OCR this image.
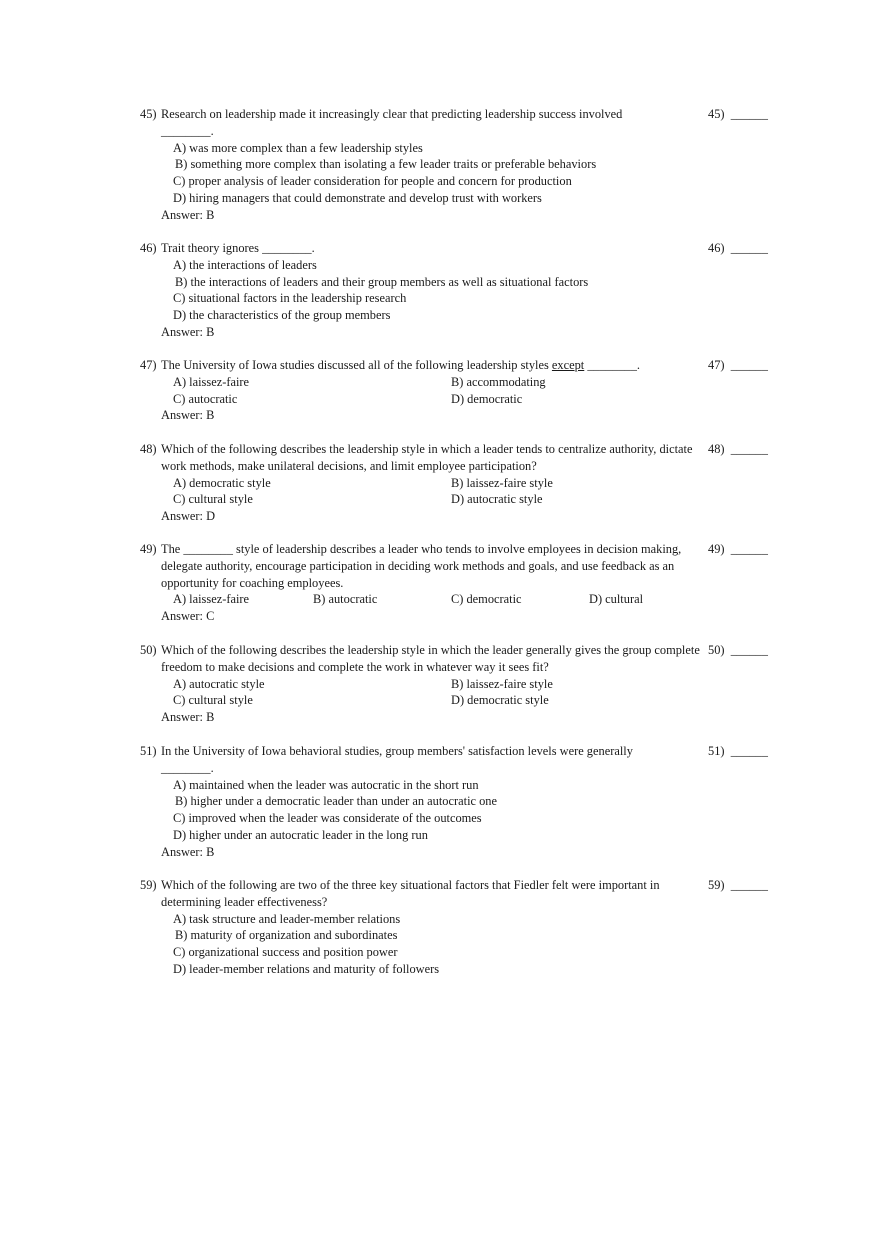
45) Research on leadership made it increasingly clear that predicting leadership success involved
________.
A) was more complex than a few leadership styles
B) something more complex than isolating a few leader traits or preferable behaviors
C) proper analysis of leader consideration for people and concern for production
D) hiring managers that could demonstrate and develop trust with workers
Answer: B
45)  ______
46) Trait theory ignores ________.
A) the interactions of leaders
B) the interactions of leaders and their group members as well as situational factors
C) situational factors in the leadership research
D) the characteristics of the group members
Answer: B
46)  ______
47) The University of Iowa studies discussed all of the following leadership styles except ________.
A) laissez-faire	B) accommodating
C) autocratic	D) democratic
Answer: B
47)  ______
48) Which of the following describes the leadership style in which a leader tends to centralize authority, dictate work methods, make unilateral decisions, and limit employee participation?
A) democratic style	B) laissez-faire style
C) cultural style	D) autocratic style
Answer: D
48)  ______
49) The ________ style of leadership describes a leader who tends to involve employees in decision making, delegate authority, encourage participation in deciding work methods and goals, and use feedback as an opportunity for coaching employees.
A) laissez-faire	B) autocratic	C) democratic	D) cultural
Answer: C
49)  ______
50) Which of the following describes the leadership style in which the leader generally gives the group complete freedom to make decisions and complete the work in whatever way it sees fit?
A) autocratic style	B) laissez-faire style
C) cultural style	D) democratic style
Answer: B
50)  ______
51) In the University of Iowa behavioral studies, group members' satisfaction levels were generally
________.
A) maintained when the leader was autocratic in the short run
B) higher under a democratic leader than under an autocratic one
C) improved when the leader was considerate of the outcomes
D) higher under an autocratic leader in the long run
Answer: B
51)  ______
59) Which of the following are two of the three key situational factors that Fiedler felt were important in determining leader effectiveness?
A) task structure and leader-member relations
B) maturity of organization and subordinates
C) organizational success and position power
D) leader-member relations and maturity of followers
59)  ______
